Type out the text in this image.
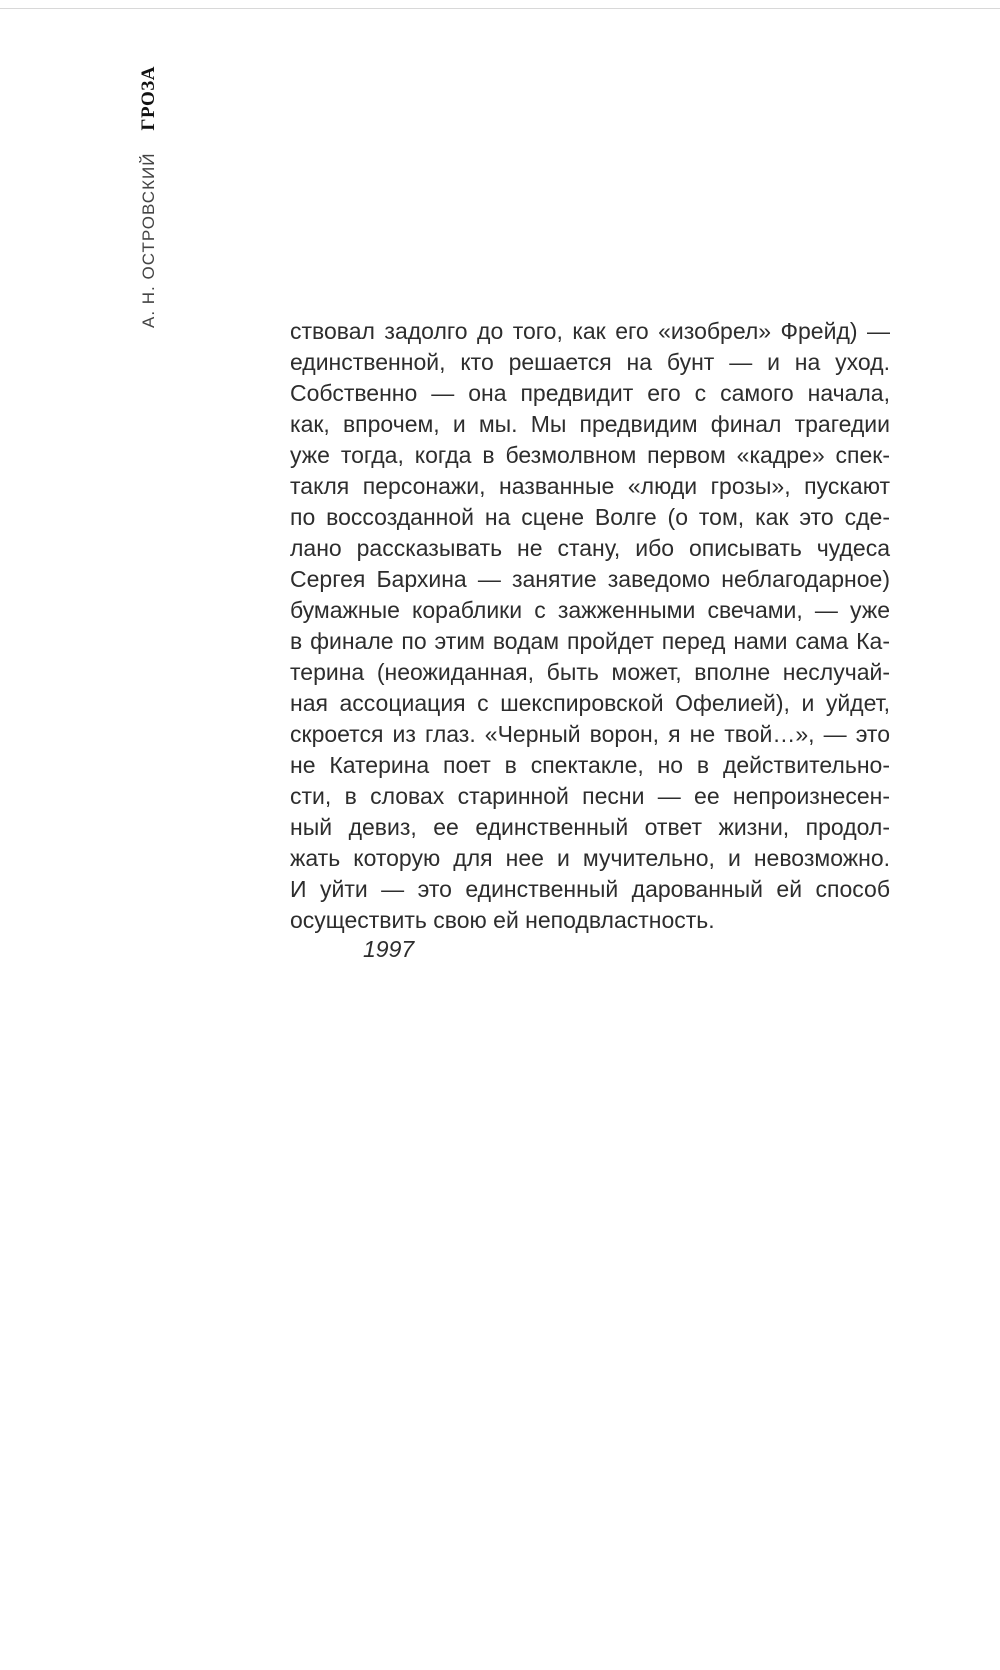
А. Н. ОСТРОВСКИЙ
ГРОЗА
ствовал задолго до того, как его «изобрел» Фрейд) —
единственной, кто решается на бунт — и на уход.
Собственно — она предвидит его с самого начала,
как, впрочем, и мы. Мы предвидим финал трагедии
уже тогда, когда в безмолвном первом «кадре» спек-
такля персонажи, названные «люди грозы», пускают
по воссозданной на сцене Волге (о том, как это сде-
лано рассказывать не стану, ибо описывать чудеса
Сергея Бархина — занятие заведомо неблагодарное)
бумажные кораблики с зажженными свечами, — уже
в финале по этим водам пройдет перед нами сама Ка-
терина (неожиданная, быть может, вполне неслучай-
ная ассоциация с шекспировской Офелией), и уйдет,
скроется из глаз. «Черный ворон, я не твой…», — это
не Катерина поет в спектакле, но в действительно-
сти, в словах старинной песни — ее непроизнесен-
ный девиз, ее единственный ответ жизни, продол-
жать которую для нее и мучительно, и невозможно.
И уйти — это единственный дарованный ей способ
осуществить свою ей неподвластность.
1997
